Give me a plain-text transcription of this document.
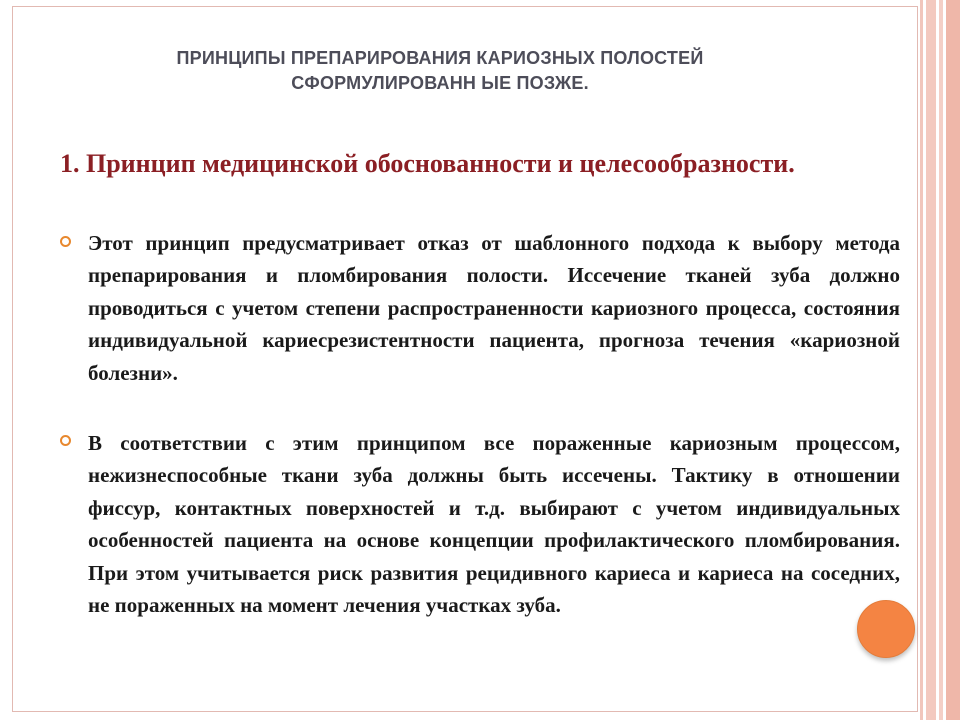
ПРИНЦИПЫ ПРЕПАРИРОВАНИЯ КАРИОЗНЫХ ПОЛОСТЕЙ
СФОРМУЛИРОВАНН ЫЕ ПОЗЖЕ.
1. Принцип медицинской обоснованности и целесообразности.
Этот принцип предусматривает отказ от шаблонного подхода к выбору метода препарирования и пломбирования полости. Иссечение тканей зуба должно проводиться с учетом степени распространенности кариозного процесса, состояния индивидуальной кариесрезистентности пациента, прогноза течения «кариозной болезни».
В соответствии с этим принципом все пораженные кариозным процессом, нежизнеспособные ткани зуба должны быть иссечены. Тактику в отношении фиссур, контактных поверхностей и т.д. выбирают с учетом индивидуальных особенностей пациента на основе концепции профилактического пломбирования. При этом учитывается риск развития рецидивного кариеса и кариеса на соседних, не пораженных на момент лечения участках зуба.
